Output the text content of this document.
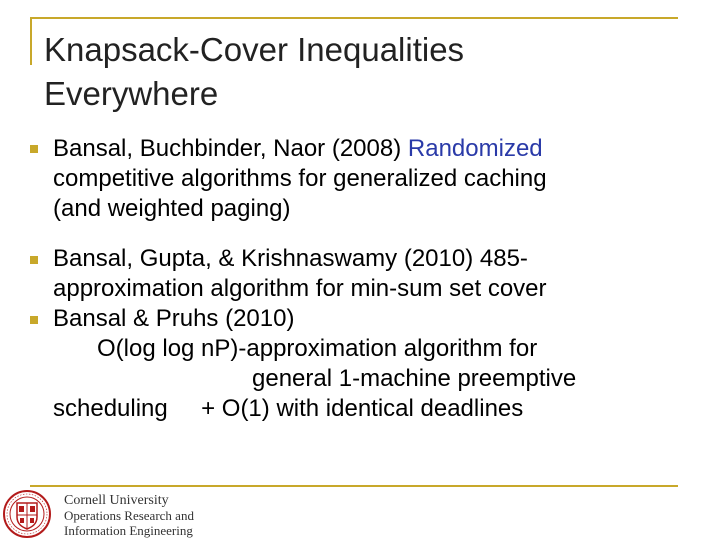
Knapsack-Cover Inequalities
Everywhere
Bansal, Buchbinder, Naor (2008) Randomized
competitive algorithms for generalized caching
(and weighted paging)
Bansal, Gupta, & Krishnaswamy (2010) 485-
approximation algorithm for min-sum set cover
Bansal & Pruhs (2010)
O(log log nP)-approximation algorithm for
general 1-machine preemptive
scheduling     + O(1) with identical deadlines
Cornell University
Operations Research and
Information Engineering
